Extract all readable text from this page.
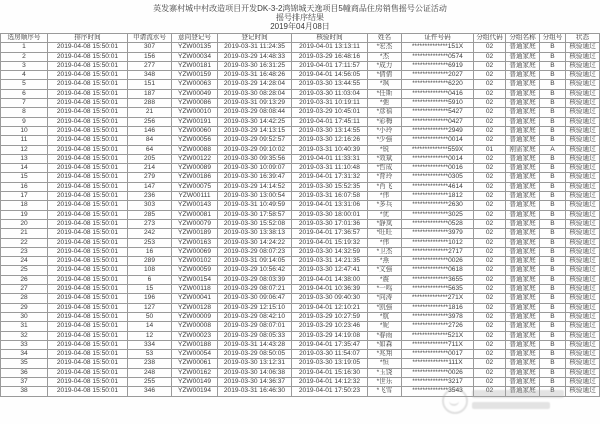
英发寨村城中村改造项目开发DK-3-2鸿锦城天逸项目5幢商品住房销售摇号公证活动
摇号排序结果
2019年04月08日
选房顺序号	排序时间	申请流水号	意向登记号	登记时间	核验时间	姓名	证件号码	分组代码	分组名称	分组号	状态
1	2019-04-08 15:50:01	307	YZW00135	2019-03-31 11:24:35	2019-04-01 13:13:11	*宏杰	**************151X	02	普通家庭	B	核验通过
2	2019-04-08 15:50:01	156	YZW00034	2019-03-29 14:48:33	2019-03-29 16:48:16	*杰	**************0574	02	普通家庭	B	核验通过
3	2019-04-08 15:50:01	277	YZW00181	2019-03-30 16:31:25	2019-04-01 17:11:57	*成力	**************6919	02	普通家庭	B	核验通过
4	2019-04-08 15:50:01	348	YZW00159	2019-03-31 16:48:26	2019-04-01 14:56:05	*倩倩	**************2027	02	普通家庭	B	核验通过
5	2019-04-08 15:50:01	151	YZW00063	2019-03-29 14:28:04	2019-03-30 13:44:55	*飒	**************6220	02	普通家庭	B	核验通过
6	2019-04-08 15:50:01	187	YZW00049	2019-03-30 08:28:04	2019-03-30 11:03:04	*任斯	**************0416	02	普通家庭	B	核验通过
7	2019-04-08 15:50:01	288	YZW00086	2019-03-31 09:13:29	2019-03-31 10:19:11	*弛	**************5910	02	普通家庭	B	核验通过
8	2019-04-08 15:50:01	21	YZW00010	2019-03-29 08:08:44	2019-03-29 10:45:01	*彦禧	**************5427	02	普通家庭	B	核验通过
9	2019-04-08 15:50:01	256	YZW00191	2019-03-30 14:42:25	2019-04-01 17:45:11	*彩梅	**************0427	02	普通家庭	B	核验通过
10	2019-04-08 15:50:01	146	YZW00060	2019-03-29 14:13:15	2019-03-30 13:14:55	*小玲	**************2949	02	普通家庭	B	核验通过
11	2019-04-08 15:50:01	84	YZW00056	2019-03-29 09:52:57	2019-03-30 12:16:26	*少强	**************0014	02	普通家庭	B	核验通过
12	2019-04-08 15:50:01	64	YZW00088	2019-03-29 09:10:02	2019-03-31 10:40:39	*锐	**************559X	01	刚需家庭	A	核验通过
13	2019-04-08 15:50:01	205	YZW00122	2019-03-30 09:35:56	2019-04-01 11:33:31	*效斌	**************0014	02	普通家庭	B	核验通过
14	2019-04-08 15:50:01	214	YZW00089	2019-03-30 10:09:07	2019-03-31 11:10:48	*哲成	**************0016	02	普通家庭	B	核验通过
15	2019-04-08 15:50:01	279	YZW00186	2019-03-30 16:39:47	2019-04-01 17:31:32	*育玲	**************0305	02	普通家庭	B	核验通过
16	2019-04-08 15:50:01	147	YZW00075	2019-03-29 14:14:52	2019-03-30 15:52:35	*肖飞	**************4614	02	普通家庭	B	核验通过
17	2019-04-08 15:50:01	236	YZW00111	2019-03-30 13:00:54	2019-03-31 16:07:58	*伟	**************1812	02	普通家庭	B	核验通过
18	2019-04-08 15:50:01	303	YZW00143	2019-03-31 10:49:59	2019-04-01 13:31:06	*多兵	**************2630	02	普通家庭	B	核验通过
19	2019-04-08 15:50:01	285	YZW00081	2019-03-30 17:58:57	2019-03-30 18:00:01	*优	**************3025	02	普通家庭	B	核验通过
20	2019-04-08 15:50:01	273	YZW00079	2019-03-30 15:52:08	2019-03-30 17:01:36	*静岚	**************0528	02	普通家庭	B	核验通过
21	2019-04-08 15:50:01	242	YZW00189	2019-03-30 13:38:13	2019-04-01 17:36:57	*旺旺	**************3979	02	普通家庭	B	核验通过
22	2019-04-08 15:50:01	253	YZW00163	2019-03-30 14:24:22	2019-04-01 15:19:32	*伟	**************1012	02	普通家庭	B	核验通过
23	2019-04-08 15:50:01	16	YZW00069	2019-03-29 08:07:23	2019-03-30 14:32:59	*卫杰	**************2717	02	普通家庭	B	核验通过
24	2019-04-08 15:50:01	289	YZW00102	2019-03-31 09:14:05	2019-03-31 14:21:35	*燕	**************0026	02	普通家庭	B	核验通过
25	2019-04-08 15:50:01	108	YZW00059	2019-03-29 10:56:42	2019-03-30 12:47:41	*文强	**************0618	02	普通家庭	B	核验通过
26	2019-04-08 15:50:01	6	YZW00154	2019-03-29 08:03:39	2019-04-01 14:38:00	*震	**************3655	02	普通家庭	B	核验通过
27	2019-04-08 15:50:01	15	YZW00118	2019-03-29 08:07:21	2019-04-01 10:36:39	*一鸣	**************5635	02	普通家庭	B	核验通过
28	2019-04-08 15:50:01	196	YZW00041	2019-03-30 09:06:47	2019-03-30 09:40:30	*向涛	**************271X	02	普通家庭	B	核验通过
29	2019-04-08 15:50:01	127	YZW00128	2019-03-29 12:15:10	2019-04-01 12:10:21	*凯强	**************1816	02	普通家庭	B	核验通过
30	2019-04-08 15:50:01	50	YZW00009	2019-03-29 08:42:10	2019-03-29 10:27:59	*航	**************3978	02	普通家庭	B	核验通过
31	2019-04-08 15:50:01	14	YZW00008	2019-03-29 08:07:01	2019-03-29 10:23:46	*妮	**************2726	02	普通家庭	B	核验通过
32	2019-04-08 15:50:01	12	YZW00023	2019-03-29 08:05:33	2019-03-29 14:19:08	*春雨	**************521X	02	普通家庭	B	核验通过
33	2019-04-08 15:50:01	334	YZW00188	2019-03-31 14:43:28	2019-04-01 17:35:47	*如森	**************711X	02	普通家庭	B	核验通过
34	2019-04-08 15:50:01	53	YZW00054	2019-03-29 08:50:05	2019-03-30 11:54:07	*兆翔	**************0017	02	普通家庭	B	核验通过
35	2019-04-08 15:50:01	238	YZW00061	2019-03-30 13:12:31	2019-03-30 13:19:05	*恒	**************111X	02	普通家庭	B	核验通过
36	2019-04-08 15:50:01	248	YZW00162	2019-03-30 14:06:38	2019-04-01 15:16:30	*玉饶	**************0026	02	普通家庭	B	核验通过
37	2019-04-08 15:50:01	255	YZW00149	2019-03-30 14:36:37	2019-04-01 14:12:32	*世乐	**************3217	02	普通家庭	B	核验通过
38	2019-04-08 15:50:01	346	YZW00194	2019-03-31 16:46:30	2019-04-01 17:50:23	*飞雪	**************3543	02	普通家庭	B	核验通过
